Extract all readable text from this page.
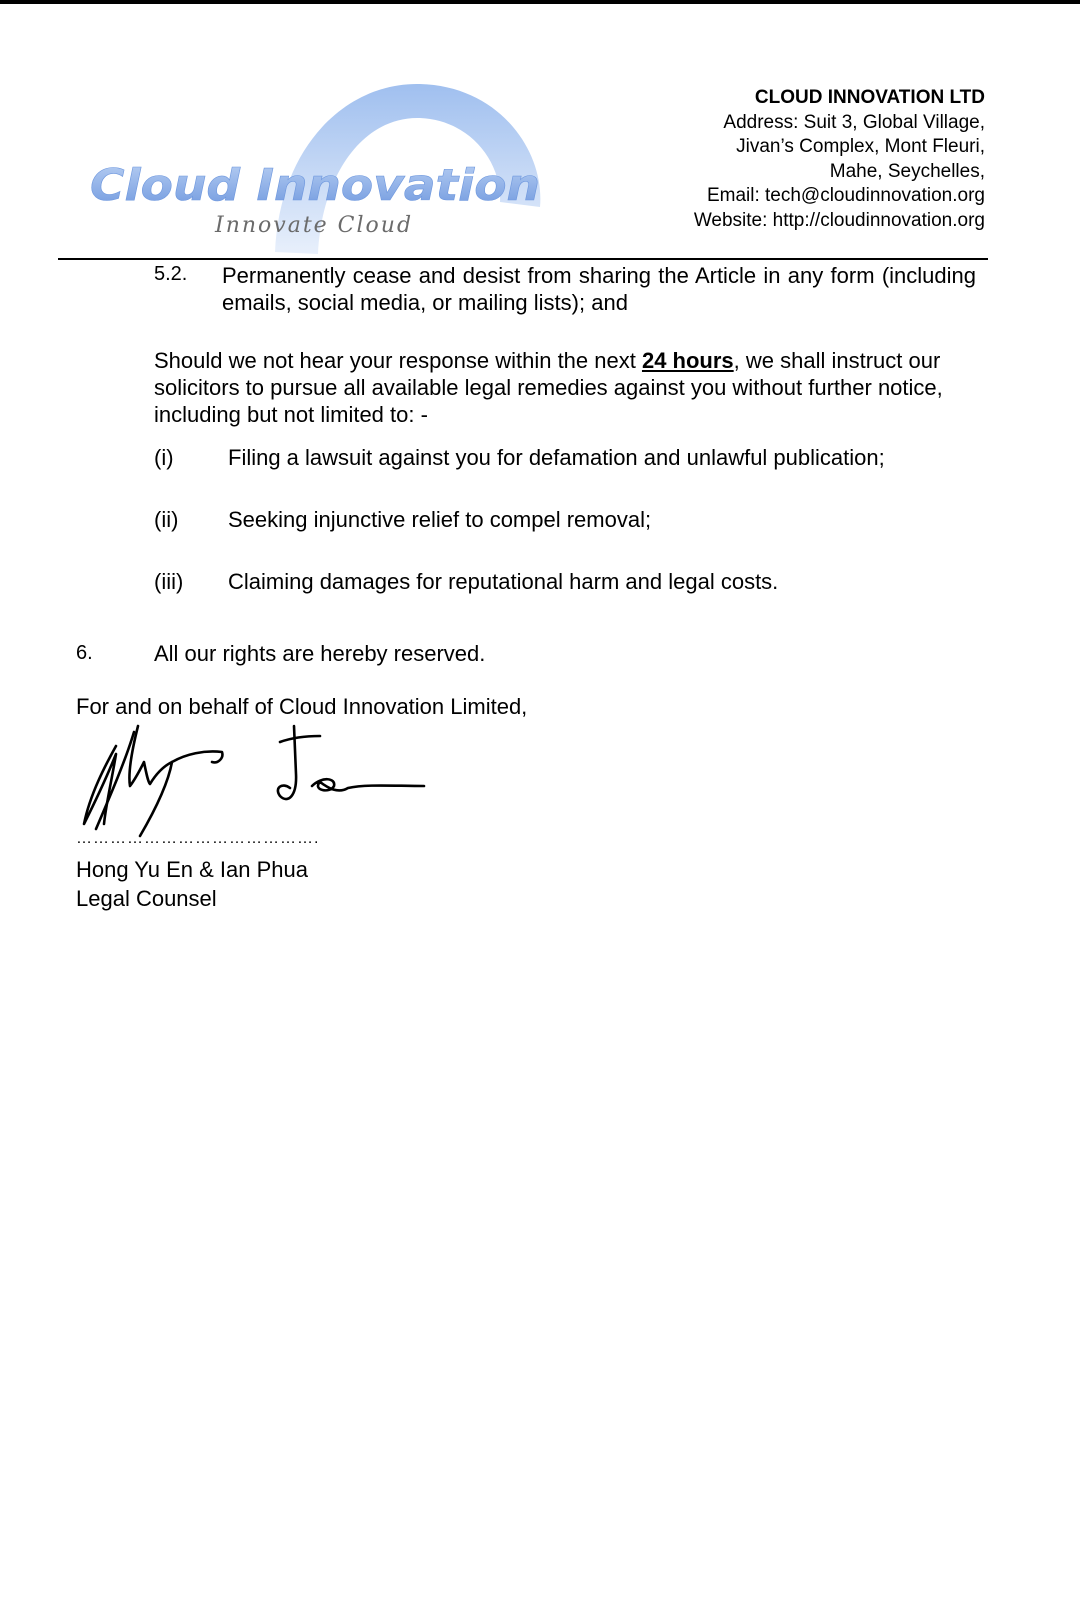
Cloud Innovation
Innovate Cloud
CLOUD INNOVATION LTD
Address: Suit 3, Global Village,
Jivan’s Complex, Mont Fleuri,
Mahe, Seychelles,
Email: tech@cloudinnovation.org
Website: http://cloudinnovation.org
5.2. Permanently cease and desist from sharing the Article in any form (including emails, social media, or mailing lists); and
Should we not hear your response within the next 24 hours, we shall instruct our solicitors to pursue all available legal remedies against you without further notice, including but not limited to: -
(i) Filing a lawsuit against you for defamation and unlawful publication;
(ii) Seeking injunctive relief to compel removal;
(iii) Claiming damages for reputational harm and legal costs.
6.	All our rights are hereby reserved.
For and on behalf of Cloud Innovation Limited,
…………………………………….
Hong Yu En & Ian Phua
Legal Counsel
